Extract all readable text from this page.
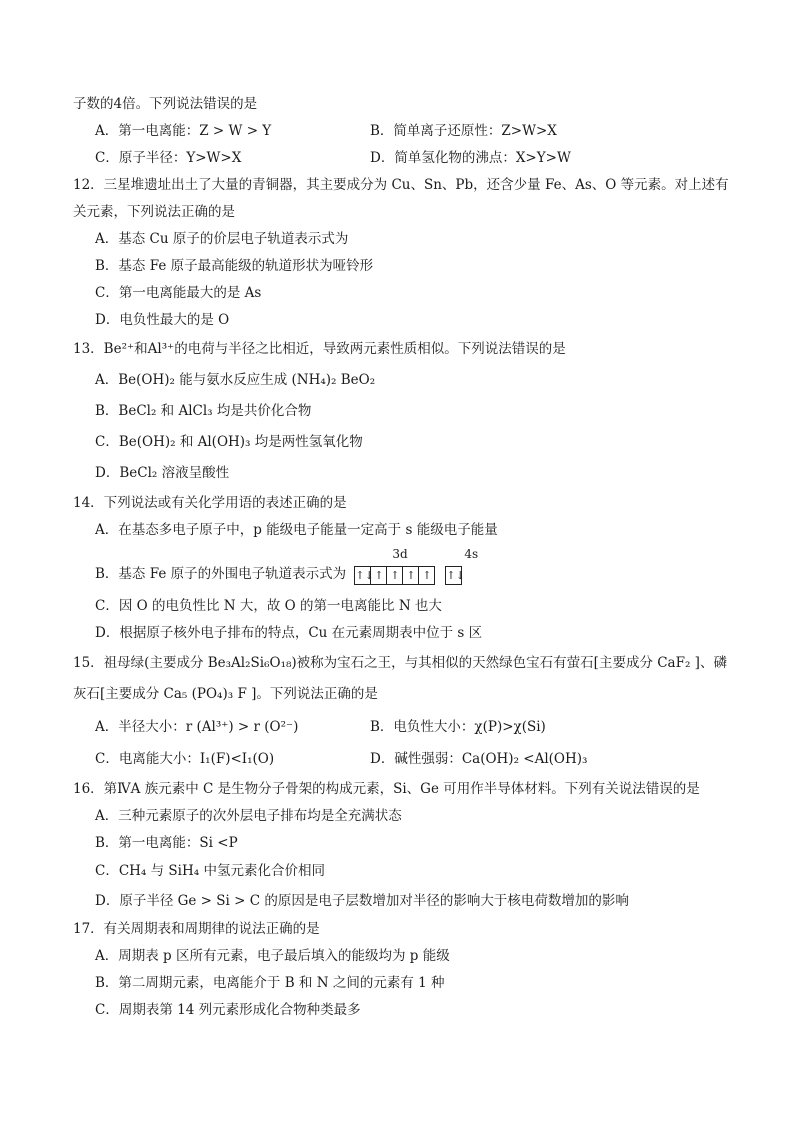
子数的4倍。下列说法错误的是
A．第一电离能：Z > W > Y	B．简单离子还原性：Z>W>X
C．原子半径：Y>W>X	D．简单氢化物的沸点：X>Y>W
12．三星堆遗址出土了大量的青铜器，其主要成分为 Cu、Sn、Pb，还含少量 Fe、As、O 等元素。对上述有
关元素，下列说法正确的是
A．基态 Cu 原子的价层电子轨道表示式为
B．基态 Fe 原子最高能级的轨道形状为哑铃形
C．第一电离能最大的是 As
D．电负性最大的是 O
13．Be²⁺和Al³⁺的电荷与半径之比相近，导致两元素性质相似。下列说法错误的是
A．Be(OH)₂ 能与氨水反应生成 (NH₄)₂ BeO₂
B．BeCl₂ 和 AlCl₃ 均是共价化合物
C．Be(OH)₂ 和 Al(OH)₃ 均是两性氢氧化物
D．BeCl₂ 溶液呈酸性
14．下列说法或有关化学用语的表述正确的是
A．在基态多电子原子中，p 能级电子能量一定高于 s 能级电子能量
B．基态 Fe 原子的外围电子轨道表示式为
3d	4s
↑↓↑ ↑ ↑ ↑ ↑↓
C．因 O 的电负性比 N 大，故 O 的第一电离能比 N 也大
D．根据原子核外电子排布的特点，Cu 在元素周期表中位于 s 区
15．祖母绿(主要成分 Be₃Al₂Si₆O₁₈)被称为宝石之王，与其相似的天然绿色宝石有萤石[主要成分 CaF₂ ]、磷
灰石[主要成分 Ca₅ (PO₄)₃ F ]。下列说法正确的是
A．半径大小：r (Al³⁺) > r (O²⁻)	B．电负性大小：χ(P)>χ(Si)
C．电离能大小：I₁(F)<I₁(O)	D．碱性强弱：Ca(OH)₂ <Al(OH)₃
16．第ⅣA 族元素中 C 是生物分子骨架的构成元素，Si、Ge 可用作半导体材料。下列有关说法错误的是
A．三种元素原子的次外层电子排布均是全充满状态
B．第一电离能：Si <P
C．CH₄ 与 SiH₄ 中氢元素化合价相同
D．原子半径 Ge > Si > C 的原因是电子层数增加对半径的影响大于核电荷数增加的影响
17．有关周期表和周期律的说法正确的是
A．周期表 p 区所有元素，电子最后填入的能级均为 p 能级
B．第二周期元素，电离能介于 B 和 N 之间的元素有 1 种
C．周期表第 14 列元素形成化合物种类最多
